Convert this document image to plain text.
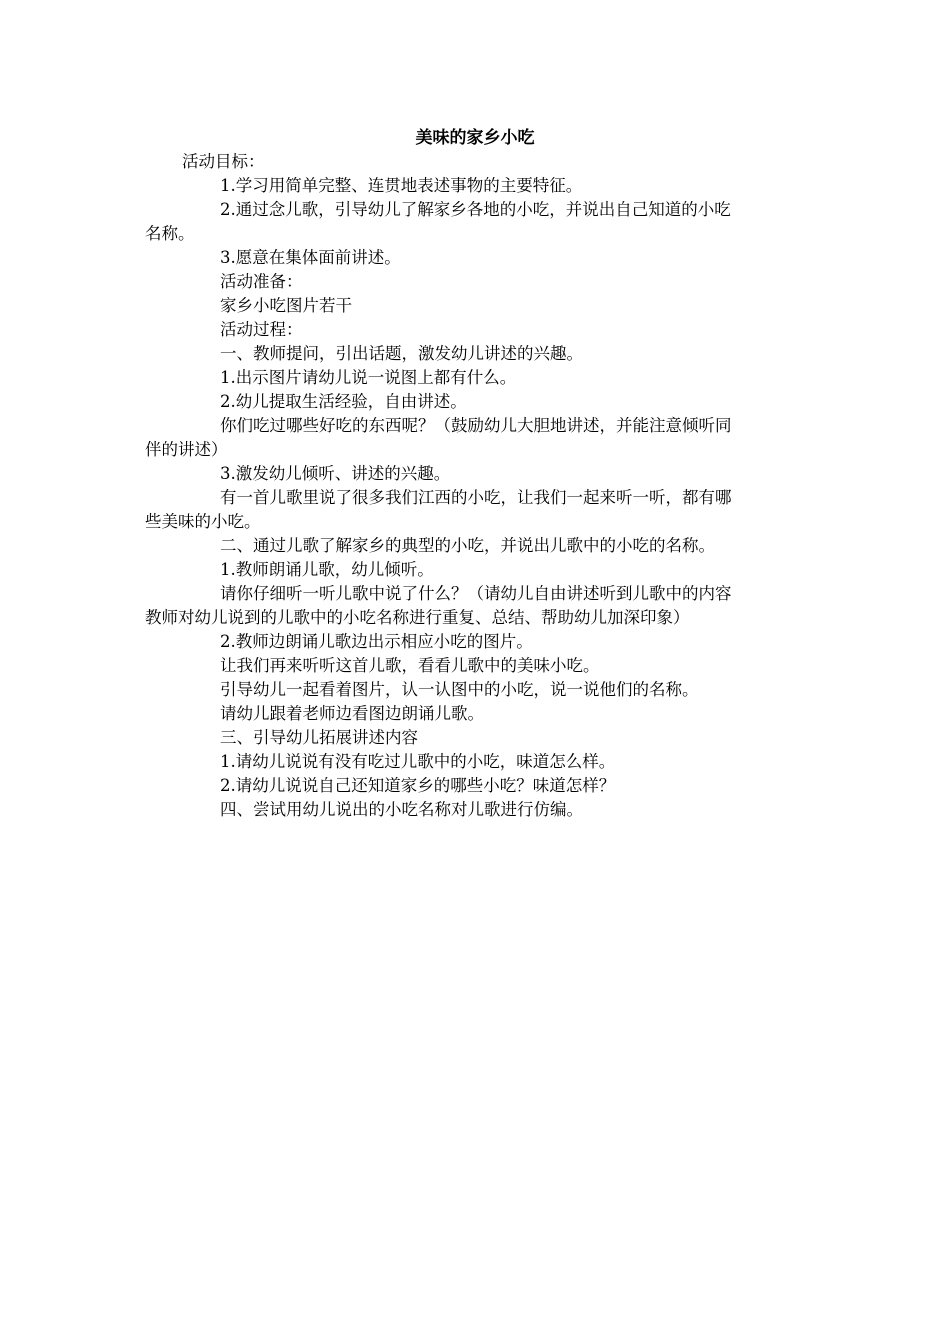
美味的家乡小吃
活动目标：
1.学习用简单完整、连贯地表述事物的主要特征。
2.通过念儿歌，引导幼儿了解家乡各地的小吃，并说出自己知道的小吃
名称。
3.愿意在集体面前讲述。
活动准备：
家乡小吃图片若干
活动过程：
一、教师提问，引出话题，激发幼儿讲述的兴趣。
1.出示图片请幼儿说一说图上都有什么。
2.幼儿提取生活经验，自由讲述。
你们吃过哪些好吃的东西呢？（鼓励幼儿大胆地讲述，并能注意倾听同
伴的讲述）
3.激发幼儿倾听、讲述的兴趣。
有一首儿歌里说了很多我们江西的小吃，让我们一起来听一听，都有哪
些美味的小吃。
二、通过儿歌了解家乡的典型的小吃，并说出儿歌中的小吃的名称。
1.教师朗诵儿歌，幼儿倾听。
请你仔细听一听儿歌中说了什么？（请幼儿自由讲述听到儿歌中的内容
教师对幼儿说到的儿歌中的小吃名称进行重复、总结、帮助幼儿加深印象）
2.教师边朗诵儿歌边出示相应小吃的图片。
让我们再来听听这首儿歌，看看儿歌中的美味小吃。
引导幼儿一起看着图片，认一认图中的小吃，说一说他们的名称。
请幼儿跟着老师边看图边朗诵儿歌。
三、引导幼儿拓展讲述内容
1.请幼儿说说有没有吃过儿歌中的小吃，味道怎么样。
2.请幼儿说说自己还知道家乡的哪些小吃？味道怎样？
四、尝试用幼儿说出的小吃名称对儿歌进行仿编。
